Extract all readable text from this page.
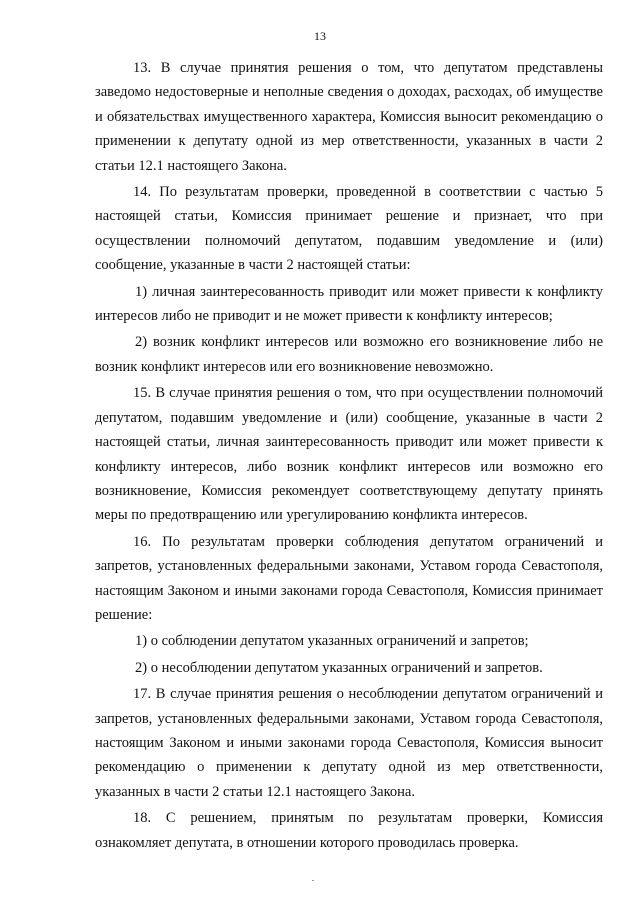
13

13. В случае принятия решения о том, что депутатом представлены заведомо недостоверные и неполные сведения о доходах, расходах, об имуществе и обязательствах имущественного характера, Комиссия выносит рекомендацию о применении к депутату одной из мер ответственности, указанных в части 2 статьи 12.1 настоящего Закона.

14. По результатам проверки, проведенной в соответствии с частью 5 настоящей статьи, Комиссия принимает решение и признает, что при осуществлении полномочий депутатом, подавшим уведомление и (или) сообщение, указанные в части 2 настоящей статьи:

1) личная заинтересованность приводит или может привести к конфликту интересов либо не приводит и не может привести к конфликту интересов;

2) возник конфликт интересов или возможно его возникновение либо не возник конфликт интересов или его возникновение невозможно.

15. В случае принятия решения о том, что при осуществлении полномочий депутатом, подавшим уведомление и (или) сообщение, указанные в части 2 настоящей статьи, личная заинтересованность приводит или может привести к конфликту интересов, либо возник конфликт интересов или возможно его возникновение, Комиссия рекомендует соответствующему депутату принять меры по предотвращению или урегулированию конфликта интересов.

16. По результатам проверки соблюдения депутатом ограничений и запретов, установленных федеральными законами, Уставом города Севастополя, настоящим Законом и иными законами города Севастополя, Комиссия принимает решение:

1) о соблюдении депутатом указанных ограничений и запретов;

2) о несоблюдении депутатом указанных ограничений и запретов.

17. В случае принятия решения о несоблюдении депутатом ограничений и запретов, установленных федеральными законами, Уставом города Севастополя, настоящим Законом и иными законами города Севастополя, Комиссия выносит рекомендацию о применении к депутату одной из мер ответственности, указанных в части 2 статьи 12.1 настоящего Закона.

18. С решением, принятым по результатам проверки, Комиссия ознакомляет депутата, в отношении которого проводилась проверка.
